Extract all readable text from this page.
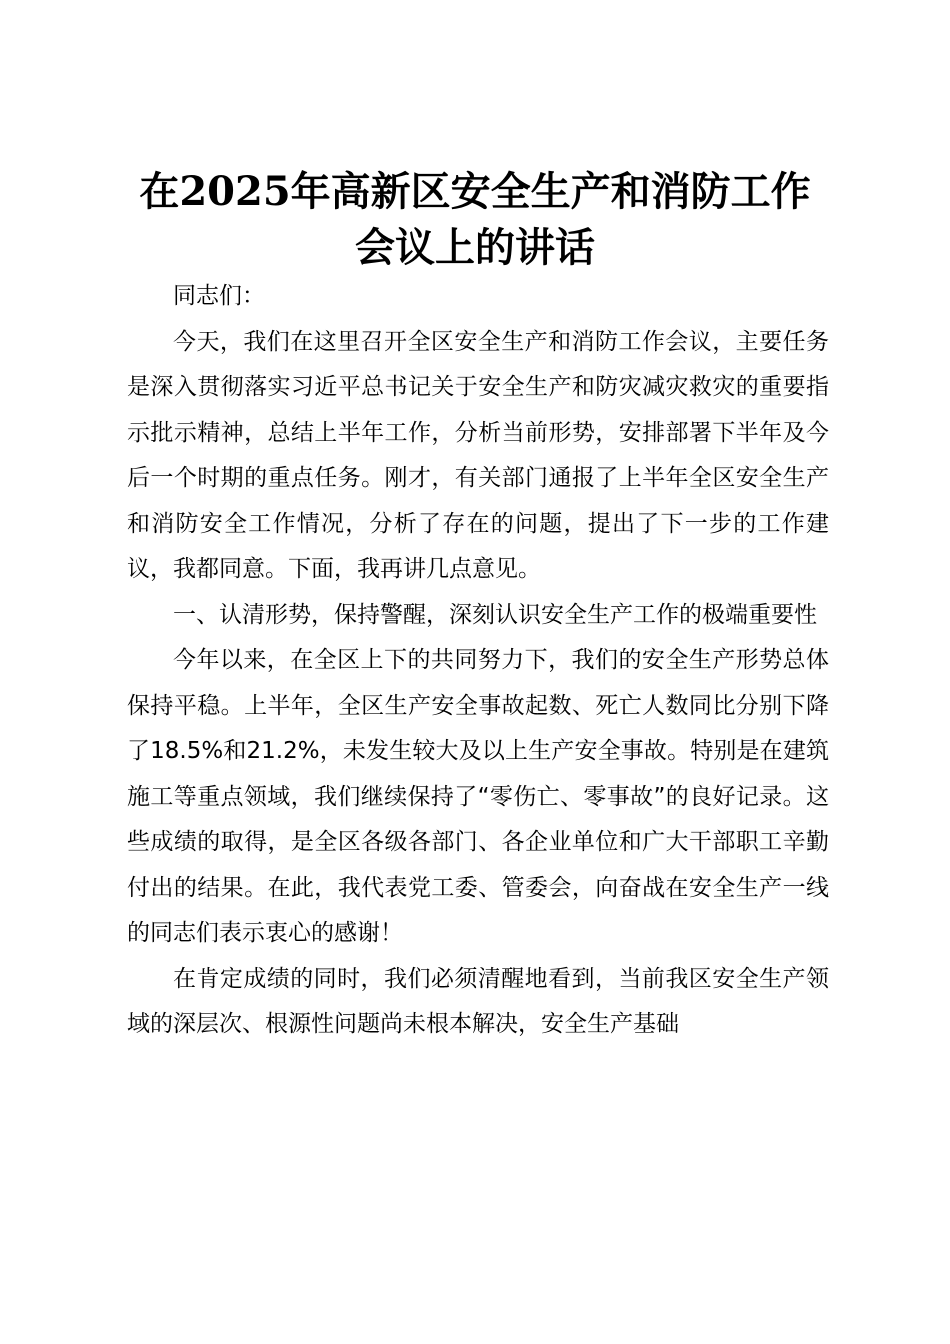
在2025年高新区安全生产和消防工作会议上的讲话

同志们：

今天，我们在这里召开全区安全生产和消防工作会议，主要任务是深入贯彻落实习近平总书记关于安全生产和防灾减灾救灾的重要指示批示精神，总结上半年工作，分析当前形势，安排部署下半年及今后一个时期的重点任务。刚才，有关部门通报了上半年全区安全生产和消防安全工作情况，分析了存在的问题，提出了下一步的工作建议，我都同意。下面，我再讲几点意见。

一、认清形势，保持警醒，深刻认识安全生产工作的极端重要性

今年以来，在全区上下的共同努力下，我们的安全生产形势总体保持平稳。上半年，全区生产安全事故起数、死亡人数同比分别下降了18.5%和21.2%，未发生较大及以上生产安全事故。特别是在建筑施工等重点领域，我们继续保持了“零伤亡、零事故”的良好记录。这些成绩的取得，是全区各级各部门、各企业单位和广大干部职工辛勤付出的结果。在此，我代表党工委、管委会，向奋战在安全生产一线的同志们表示衷心的感谢！

在肯定成绩的同时，我们必须清醒地看到，当前我区安全生产领域的深层次、根源性问题尚未根本解决，安全生产基础
